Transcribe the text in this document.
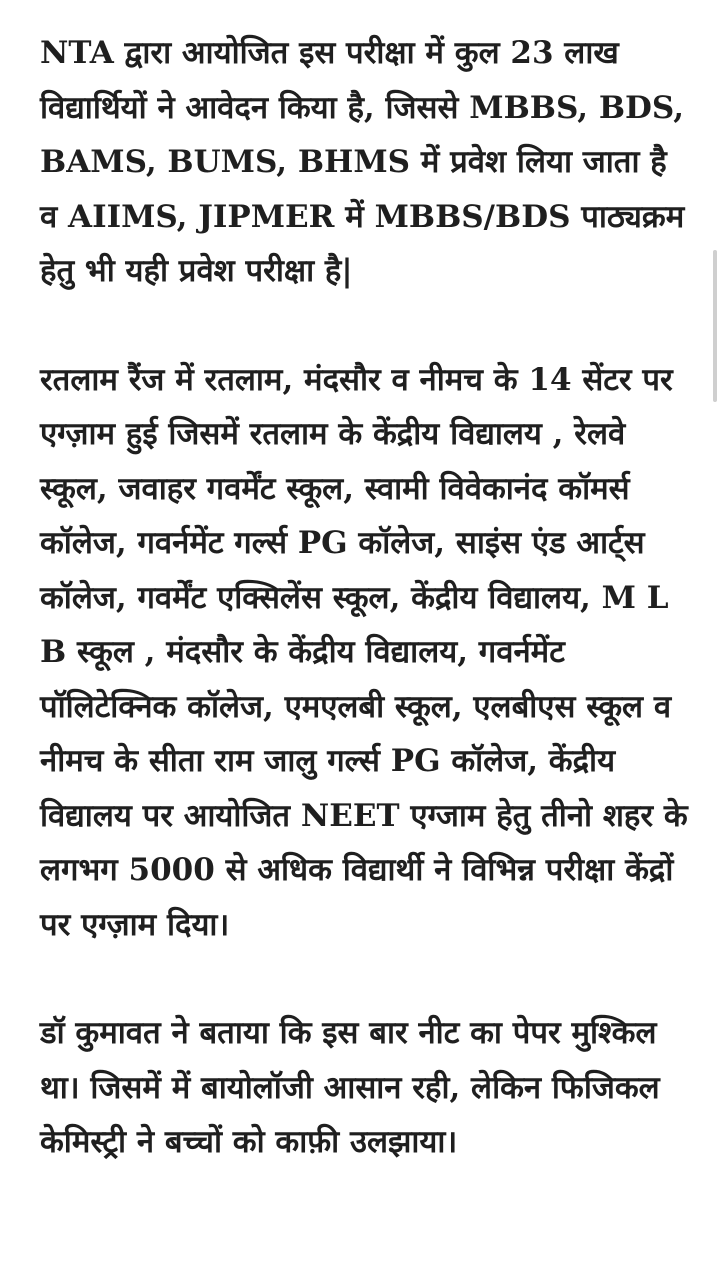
NTA द्वारा आयोजित इस परीक्षा में कुल 23 लाख विद्यार्थियों ने आवेदन किया है, जिससे MBBS, BDS, BAMS, BUMS, BHMS में प्रवेश लिया जाता है व AIIMS, JIPMER में MBBS/BDS पाठ्यक्रम हेतु भी यही प्रवेश परीक्षा है|

रतलाम रैंज में रतलाम, मंदसौर व नीमच के 14 सेंटर पर एग्ज़ाम हुई जिसमें रतलाम के केंद्रीय विद्यालय , रेलवे स्कूल, जवाहर गवर्मेंट स्कूल, स्वामी विवेकानंद कॉमर्स कॉलेज, गवर्नमेंट गर्ल्स PG कॉलेज, साइंस एंड आर्ट्स कॉलेज, गवर्मेंट एक्सिलेंस स्कूल, केंद्रीय विद्यालय, M L B स्कूल , मंदसौर के केंद्रीय विद्यालय, गवर्नमेंट पॉलिटेक्निक कॉलेज, एमएलबी स्कूल, एलबीएस स्कूल व नीमच के सीता राम जालु गर्ल्स PG कॉलेज, केंद्रीय विद्यालय पर आयोजित NEET एग्जाम हेतु तीनो शहर के लगभग 5000 से अधिक विद्यार्थी ने विभिन्न परीक्षा केंद्रों पर एग्ज़ाम दिया।

डॉ कुमावत ने बताया कि इस बार नीट का पेपर मुश्किल था। जिसमें में बायोलॉजी आसान रही, लेकिन फिजिकल केमिस्ट्री ने बच्चों को काफ़ी उलझाया।
